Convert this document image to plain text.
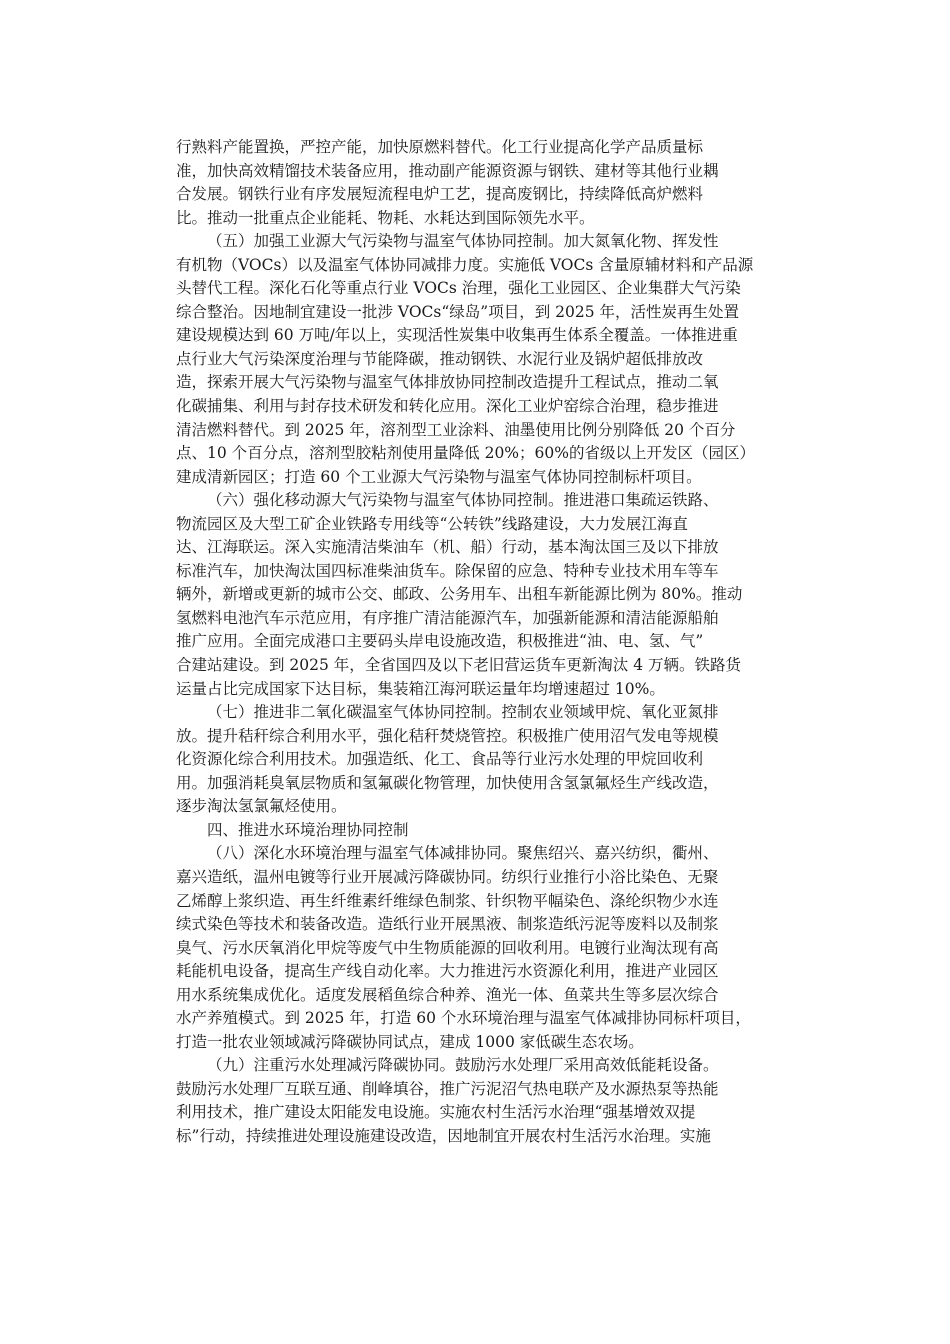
行熟料产能置换，严控产能，加快原燃料替代。化工行业提高化学产品质量标
准，加快高效精馏技术装备应用，推动副产能源资源与钢铁、建材等其他行业耦
合发展。钢铁行业有序发展短流程电炉工艺，提高废钢比，持续降低高炉燃料
比。推动一批重点企业能耗、物耗、水耗达到国际领先水平。
（五）加强工业源大气污染物与温室气体协同控制。加大氮氧化物、挥发性
有机物（VOCs）以及温室气体协同减排力度。实施低 VOCs 含量原辅材料和产品源
头替代工程。深化石化等重点行业 VOCs 治理，强化工业园区、企业集群大气污染
综合整治。因地制宜建设一批涉 VOCs“绿岛”项目，到 2025 年，活性炭再生处置
建设规模达到 60 万吨/年以上，实现活性炭集中收集再生体系全覆盖。一体推进重
点行业大气污染深度治理与节能降碳，推动钢铁、水泥行业及锅炉超低排放改
造，探索开展大气污染物与温室气体排放协同控制改造提升工程试点，推动二氧
化碳捕集、利用与封存技术研发和转化应用。深化工业炉窑综合治理，稳步推进
清洁燃料替代。到 2025 年，溶剂型工业涂料、油墨使用比例分别降低 20 个百分
点、10 个百分点，溶剂型胶粘剂使用量降低 20%；60%的省级以上开发区（园区）
建成清新园区；打造 60 个工业源大气污染物与温室气体协同控制标杆项目。
（六）强化移动源大气污染物与温室气体协同控制。推进港口集疏运铁路、
物流园区及大型工矿企业铁路专用线等“公转铁”线路建设，大力发展江海直
达、江海联运。深入实施清洁柴油车（机、船）行动，基本淘汰国三及以下排放
标准汽车，加快淘汰国四标准柴油货车。除保留的应急、特种专业技术用车等车
辆外，新增或更新的城市公交、邮政、公务用车、出租车新能源比例为 80%。推动
氢燃料电池汽车示范应用，有序推广清洁能源汽车，加强新能源和清洁能源船舶
推广应用。全面完成港口主要码头岸电设施改造，积极推进“油、电、氢、气”
合建站建设。到 2025 年，全省国四及以下老旧营运货车更新淘汰 4 万辆。铁路货
运量占比完成国家下达目标，集装箱江海河联运量年均增速超过 10%。
（七）推进非二氧化碳温室气体协同控制。控制农业领域甲烷、氧化亚氮排
放。提升秸秆综合利用水平，强化秸秆焚烧管控。积极推广使用沼气发电等规模
化资源化综合利用技术。加强造纸、化工、食品等行业污水处理的甲烷回收利
用。加强消耗臭氧层物质和氢氟碳化物管理，加快使用含氢氯氟烃生产线改造，
逐步淘汰氢氯氟烃使用。
四、推进水环境治理协同控制
（八）深化水环境治理与温室气体减排协同。聚焦绍兴、嘉兴纺织，衢州、
嘉兴造纸，温州电镀等行业开展减污降碳协同。纺织行业推行小浴比染色、无聚
乙烯醇上浆织造、再生纤维素纤维绿色制浆、针织物平幅染色、涤纶织物少水连
续式染色等技术和装备改造。造纸行业开展黑液、制浆造纸污泥等废料以及制浆
臭气、污水厌氧消化甲烷等废气中生物质能源的回收利用。电镀行业淘汰现有高
耗能机电设备，提高生产线自动化率。大力推进污水资源化利用，推进产业园区
用水系统集成优化。适度发展稻鱼综合种养、渔光一体、鱼菜共生等多层次综合
水产养殖模式。到 2025 年，打造 60 个水环境治理与温室气体减排协同标杆项目，
打造一批农业领域减污降碳协同试点，建成 1000 家低碳生态农场。
（九）注重污水处理减污降碳协同。鼓励污水处理厂采用高效低能耗设备。
鼓励污水处理厂互联互通、削峰填谷，推广污泥沼气热电联产及水源热泵等热能
利用技术，推广建设太阳能发电设施。实施农村生活污水治理“强基增效双提
标”行动，持续推进处理设施建设改造，因地制宜开展农村生活污水治理。实施
